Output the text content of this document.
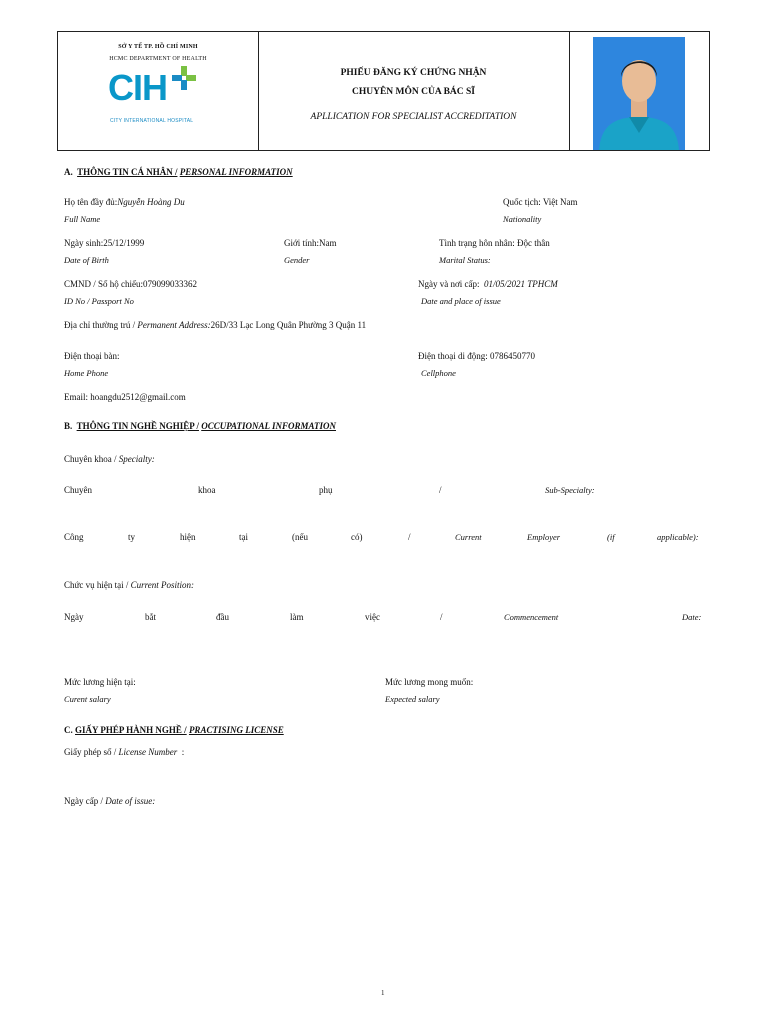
SỞ Y TẾ TP. HỒ CHÍ MINH
HCMC DEPARTMENT OF HEALTH
CIH
CITY INTERNATIONAL HOSPITAL
PHIẾU ĐĂNG KÝ CHỨNG NHẬN
CHUYÊN MÔN CỦA BÁC SĨ
APLLICATION FOR SPECIALIST ACCREDITATION
A. THÔNG TIN CÁ NHÂN / PERSONAL INFORMATION
Họ tên đầy đủ:Nguyễn Hoàng Du
Full Name
Quốc tịch: Việt Nam
Nationality
Ngày sinh:25/12/1999
Date of Birth
Giới tính:Nam
Gender
Tình trạng hôn nhân: Độc thân
Marital Status:
CMND / Số hộ chiếu:079099033362
ID No / Passport No
Ngày và nơi cấp: 01/05/2021 TPHCM
Date and place of issue
Địa chỉ thường trú / Permanent Address:26D/33 Lạc Long Quân Phường 3 Quận 11
Điện thoại bàn:
Home Phone
Điện thoại di động: 0786450770
Cellphone
Email: hoangdu2512@gmail.com
B. THÔNG TIN NGHỀ NGHIỆP / OCCUPATIONAL INFORMATION
Chuyên khoa / Specialty:
Chuyên	khoa	phụ	/	Sub-Specialty:
Công	ty	hiện	tại	(nếu	có)	/	Current	Employer	(if	applicable):
Chức vụ hiện tại / Current Position:
Ngày	bắt	đầu	làm	việc	/	Commencement	Date:
Mức lương hiện tại:
Curent salary
Mức lương mong muốn:
Expected salary
C. GIẤY PHÉP HÀNH NGHỀ / PRACTISING LICENSE
Giấy phép số / License Number :
Ngày cấp / Date of issue:
1
